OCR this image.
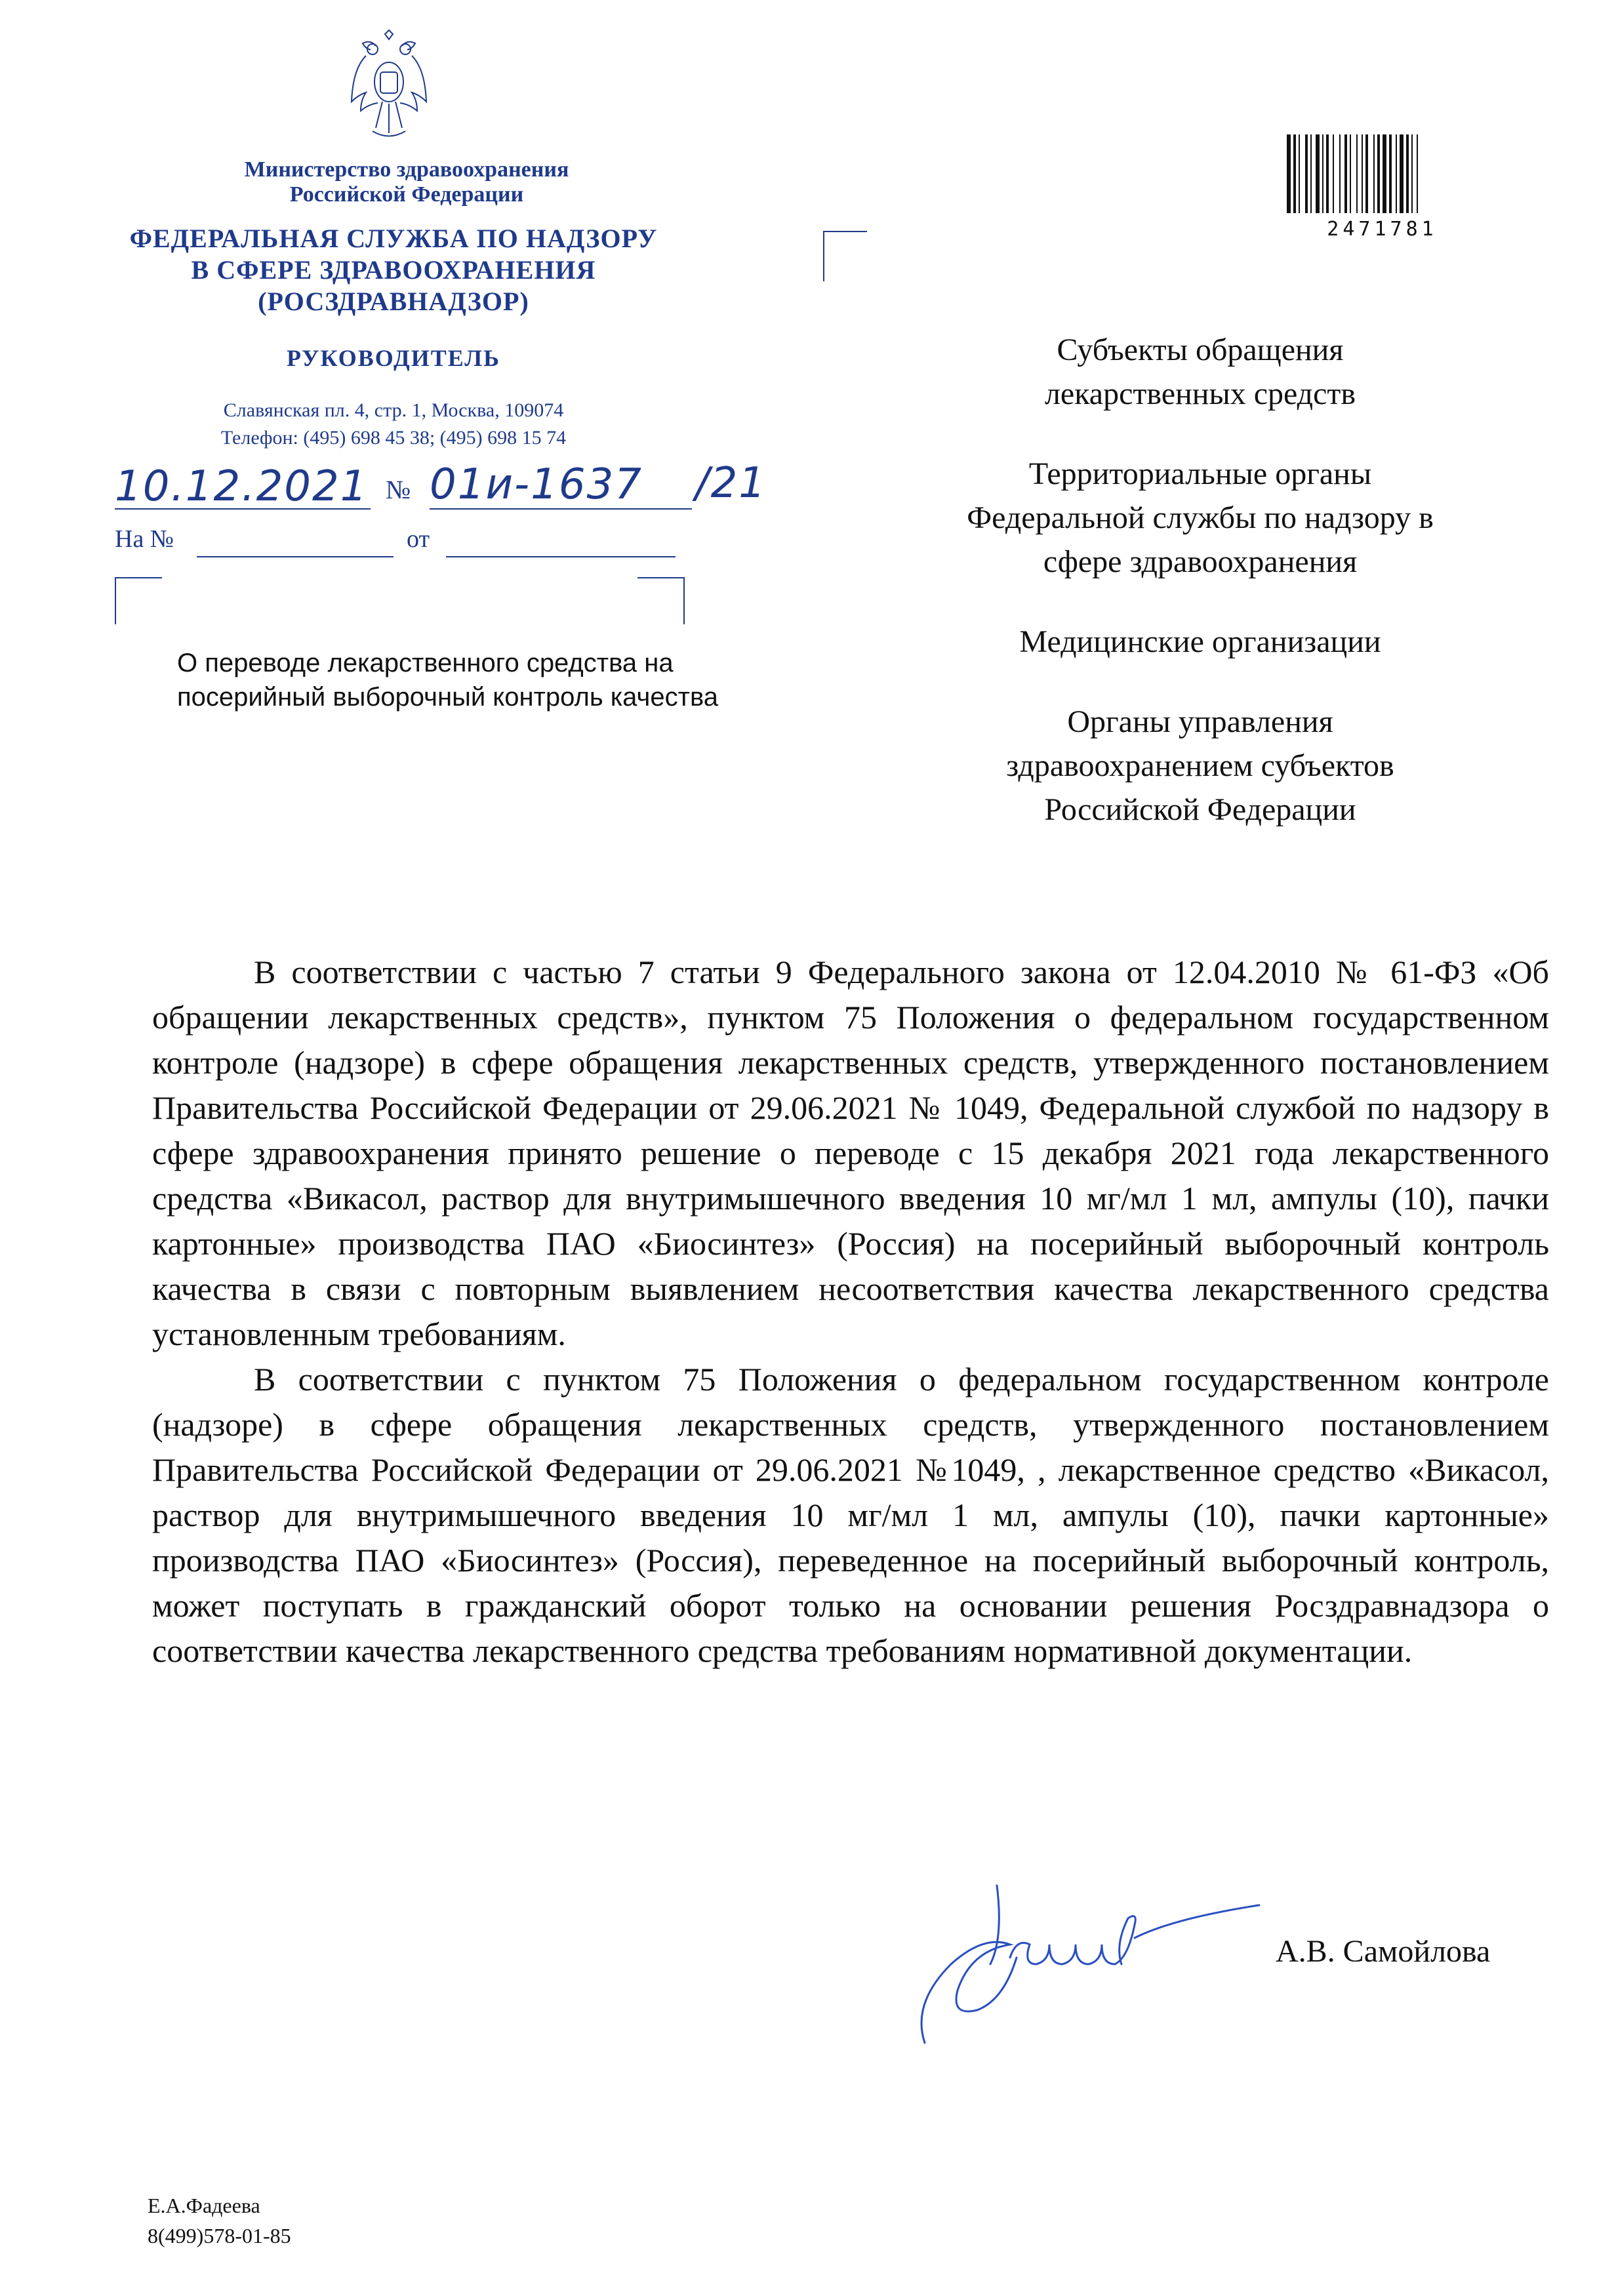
Министерство здравоохранения
Российской Федерации
ФЕДЕРАЛЬНАЯ СЛУЖБА ПО НАДЗОРУ
В СФЕРЕ ЗДРАВООХРАНЕНИЯ
(РОСЗДРАВНАДЗОР)
РУКОВОДИТЕЛЬ
Славянская пл. 4, стр. 1, Москва, 109074
Телефон: (495) 698 45 38; (495) 698 15 74
10.12.2021 № 01и-1637 /21
На №	от
О переводе лекарственного средства на посерийный выборочный контроль качества
2471781

Субъекты обращения
лекарственных средств

Территориальные органы
Федеральной службы по надзору в
сфере здравоохранения

Медицинские организации

Органы управления
здравоохранением субъектов
Российской Федерации

В соответствии с частью 7 статьи 9 Федерального закона от 12.04.2010 № 61-ФЗ «Об обращении лекарственных средств», пунктом 75 Положения о федеральном государственном контроле (надзоре) в сфере обращения лекарственных средств, утвержденного постановлением Правительства Российской Федерации от 29.06.2021 № 1049, Федеральной службой по надзору в сфере здравоохранения принято решение о переводе с 15 декабря 2021 года лекарственного средства «Викасол, раствор для внутримышечного введения 10 мг/мл 1 мл, ампулы (10), пачки картонные» производства ПАО «Биосинтез» (Россия) на посерийный выборочный контроль качества в связи с повторным выявлением несоответствия качества лекарственного средства установленным требованиям.

В соответствии с пунктом 75 Положения о федеральном государственном контроле (надзоре) в сфере обращения лекарственных средств, утвержденного постановлением Правительства Российской Федерации от 29.06.2021 №1049, , лекарственное средство «Викасол, раствор для внутримышечного введения 10 мг/мл 1 мл, ампулы (10), пачки картонные» производства ПАО «Биосинтез» (Россия), переведенное на посерийный выборочный контроль, может поступать в гражданский оборот только на основании решения Росздравнадзора о соответствии качества лекарственного средства требованиям нормативной документации.

А.В. Самойлова
Е.А.Фадеева
8(499)578-01-85
